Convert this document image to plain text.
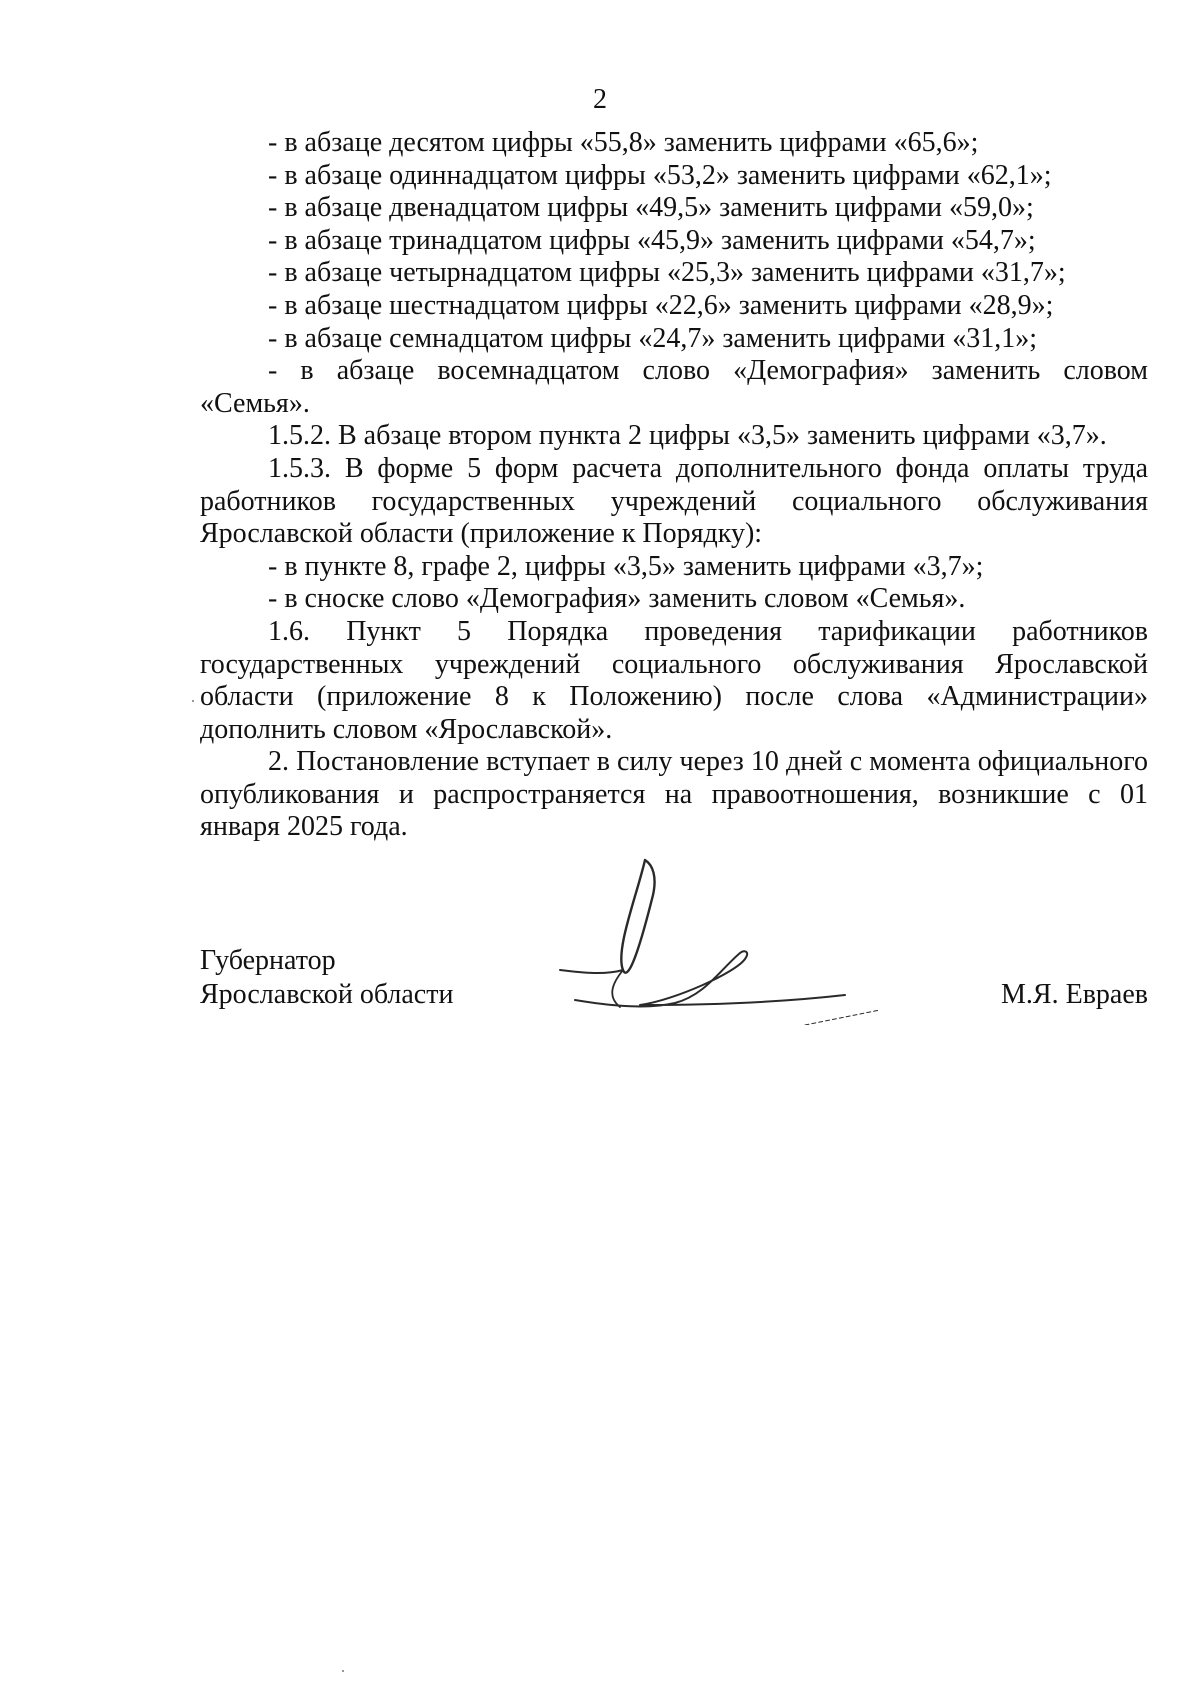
2

- в абзаце десятом цифры «55,8» заменить цифрами «65,6»;

- в абзаце одиннадцатом цифры «53,2» заменить цифрами «62,1»;

- в абзаце двенадцатом цифры «49,5» заменить цифрами «59,0»;

- в абзаце тринадцатом цифры «45,9» заменить цифрами «54,7»;

- в абзаце четырнадцатом цифры «25,3» заменить цифрами «31,7»;

- в абзаце шестнадцатом цифры «22,6» заменить цифрами «28,9»;

- в абзаце семнадцатом цифры «24,7» заменить цифрами «31,1»;

- в абзаце восемнадцатом слово «Демография» заменить словом «Семья».

1.5.2. В абзаце втором пункта 2 цифры «3,5» заменить цифрами «3,7».

1.5.3. В форме 5 форм расчета дополнительного фонда оплаты труда работников государственных учреждений социального обслуживания Ярославской области (приложение к Порядку):

- в пункте 8, графе 2, цифры «3,5» заменить цифрами «3,7»;

- в сноске слово «Демография» заменить словом «Семья».

1.6. Пункт 5 Порядка проведения тарификации работников государственных учреждений социального обслуживания Ярославской области (приложение 8 к Положению) после слова «Администрации» дополнить словом «Ярославской».

2. Постановление вступает в силу через 10 дней с момента официального опубликования и распространяется на правоотношения, возникшие с 01 января 2025 года.

Губернатор
Ярославской области	М.Я. Евраев
